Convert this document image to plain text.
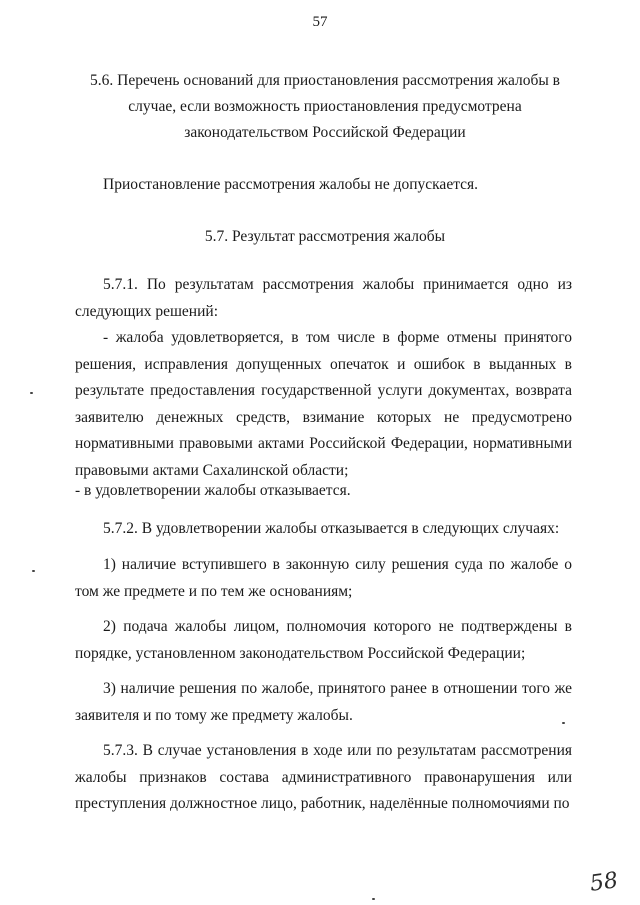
57
5.6. Перечень оснований для приостановления рассмотрения жалобы в случае, если возможность приостановления предусмотрена законодательством Российской Федерации

Приостановление рассмотрения жалобы не допускается.

5.7. Результат рассмотрения жалобы

5.7.1. По результатам рассмотрения жалобы принимается одно из следующих решений:

- жалоба удовлетворяется, в том числе в форме отмены принятого решения, исправления допущенных опечаток и ошибок в выданных в результате предоставления государственной услуги документах, возврата заявителю денежных средств, взимание которых не предусмотрено нормативными правовыми актами Российской Федерации, нормативными правовыми актами Сахалинской области;

- в удовлетворении жалобы отказывается.

5.7.2. В удовлетворении жалобы отказывается в следующих случаях:

1) наличие вступившего в законную силу решения суда по жалобе о том же предмете и по тем же основаниям;

2) подача жалобы лицом, полномочия которого не подтверждены в порядке, установленном законодательством Российской Федерации;

3) наличие решения по жалобе, принятого ранее в отношении того же заявителя и по тому же предмету жалобы.

5.7.3. В случае установления в ходе или по результатам рассмотрения жалобы признаков состава административного правонарушения или преступления должностное лицо, работник, наделённые полномочиями по

58
